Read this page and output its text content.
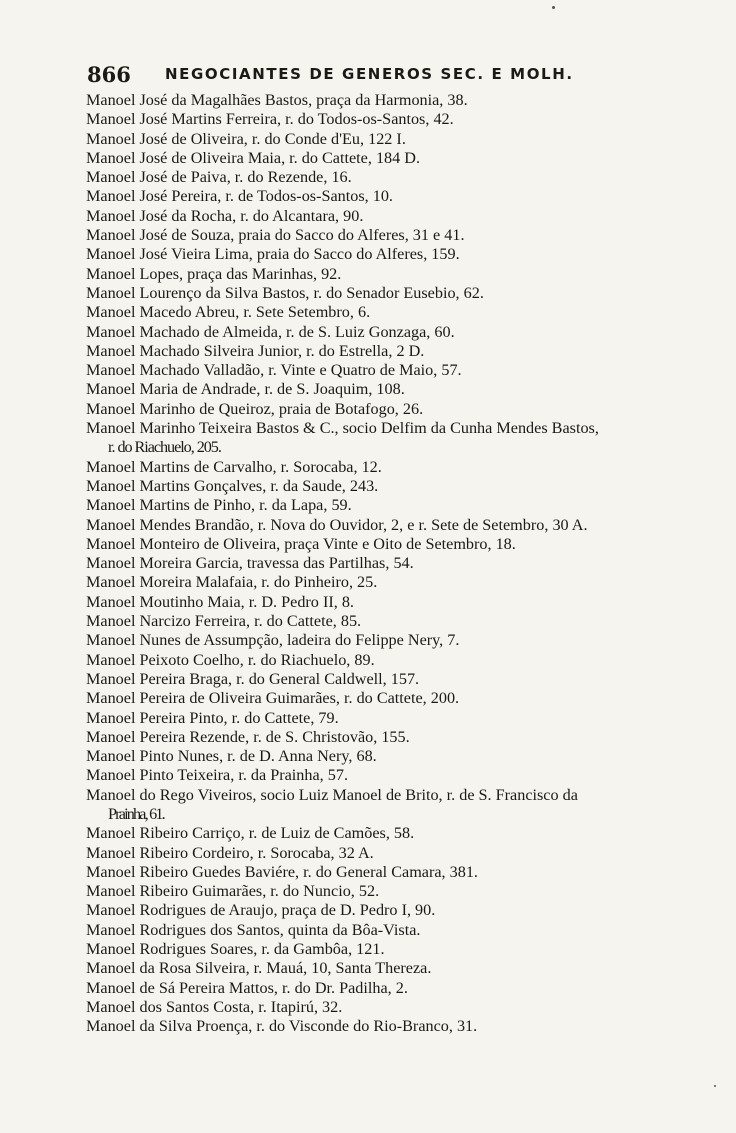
866 NEGOCIANTES DE GENEROS SEC. E MOLH.
Manoel José da Magalhães Bastos, praça da Harmonia, 38.
Manoel José Martins Ferreira, r. do Todos-os-Santos, 42.
Manoel José de Oliveira, r. do Conde d'Eu, 122 I.
Manoel José de Oliveira Maia, r. do Cattete, 184 D.
Manoel José de Paiva, r. do Rezende, 16.
Manoel José Pereira, r. de Todos-os-Santos, 10.
Manoel José da Rocha, r. do Alcantara, 90.
Manoel José de Souza, praia do Sacco do Alferes, 31 e 41.
Manoel José Vieira Lima, praia do Sacco do Alferes, 159.
Manoel Lopes, praça das Marinhas, 92.
Manoel Lourenço da Silva Bastos, r. do Senador Eusebio, 62.
Manoel Macedo Abreu, r. Sete Setembro, 6.
Manoel Machado de Almeida, r. de S. Luiz Gonzaga, 60.
Manoel Machado Silveira Junior, r. do Estrella, 2 D.
Manoel Machado Valladão, r. Vinte e Quatro de Maio, 57.
Manoel Maria de Andrade, r. de S. Joaquim, 108.
Manoel Marinho de Queiroz, praia de Botafogo, 26.
Manoel Marinho Teixeira Bastos & C., socio Delfim da Cunha Mendes Bastos,
r. do Riachuelo, 205.
Manoel Martins de Carvalho, r. Sorocaba, 12.
Manoel Martins Gonçalves, r. da Saude, 243.
Manoel Martins de Pinho, r. da Lapa, 59.
Manoel Mendes Brandão, r. Nova do Ouvidor, 2, e r. Sete de Setembro, 30 A.
Manoel Monteiro de Oliveira, praça Vinte e Oito de Setembro, 18.
Manoel Moreira Garcia, travessa das Partilhas, 54.
Manoel Moreira Malafaia, r. do Pinheiro, 25.
Manoel Moutinho Maia, r. D. Pedro II, 8.
Manoel Narcizo Ferreira, r. do Cattete, 85.
Manoel Nunes de Assumpção, ladeira do Felippe Nery, 7.
Manoel Peixoto Coelho, r. do Riachuelo, 89.
Manoel Pereira Braga, r. do General Caldwell, 157.
Manoel Pereira de Oliveira Guimarães, r. do Cattete, 200.
Manoel Pereira Pinto, r. do Cattete, 79.
Manoel Pereira Rezende, r. de S. Christovão, 155.
Manoel Pinto Nunes, r. de D. Anna Nery, 68.
Manoel Pinto Teixeira, r. da Prainha, 57.
Manoel do Rego Viveiros, socio Luiz Manoel de Brito, r. de S. Francisco da
Prainha, 61.
Manoel Ribeiro Carriço, r. de Luiz de Camões, 58.
Manoel Ribeiro Cordeiro, r. Sorocaba, 32 A.
Manoel Ribeiro Guedes Baviére, r. do General Camara, 381.
Manoel Ribeiro Guimarães, r. do Nuncio, 52.
Manoel Rodrigues de Araujo, praça de D. Pedro I, 90.
Manoel Rodrigues dos Santos, quinta da Bôa-Vista.
Manoel Rodrigues Soares, r. da Gambôa, 121.
Manoel da Rosa Silveira, r. Mauá, 10, Santa Thereza.
Manoel de Sá Pereira Mattos, r. do Dr. Padilha, 2.
Manoel dos Santos Costa, r. Itapirú, 32.
Manoel da Silva Proença, r. do Visconde do Rio-Branco, 31.
